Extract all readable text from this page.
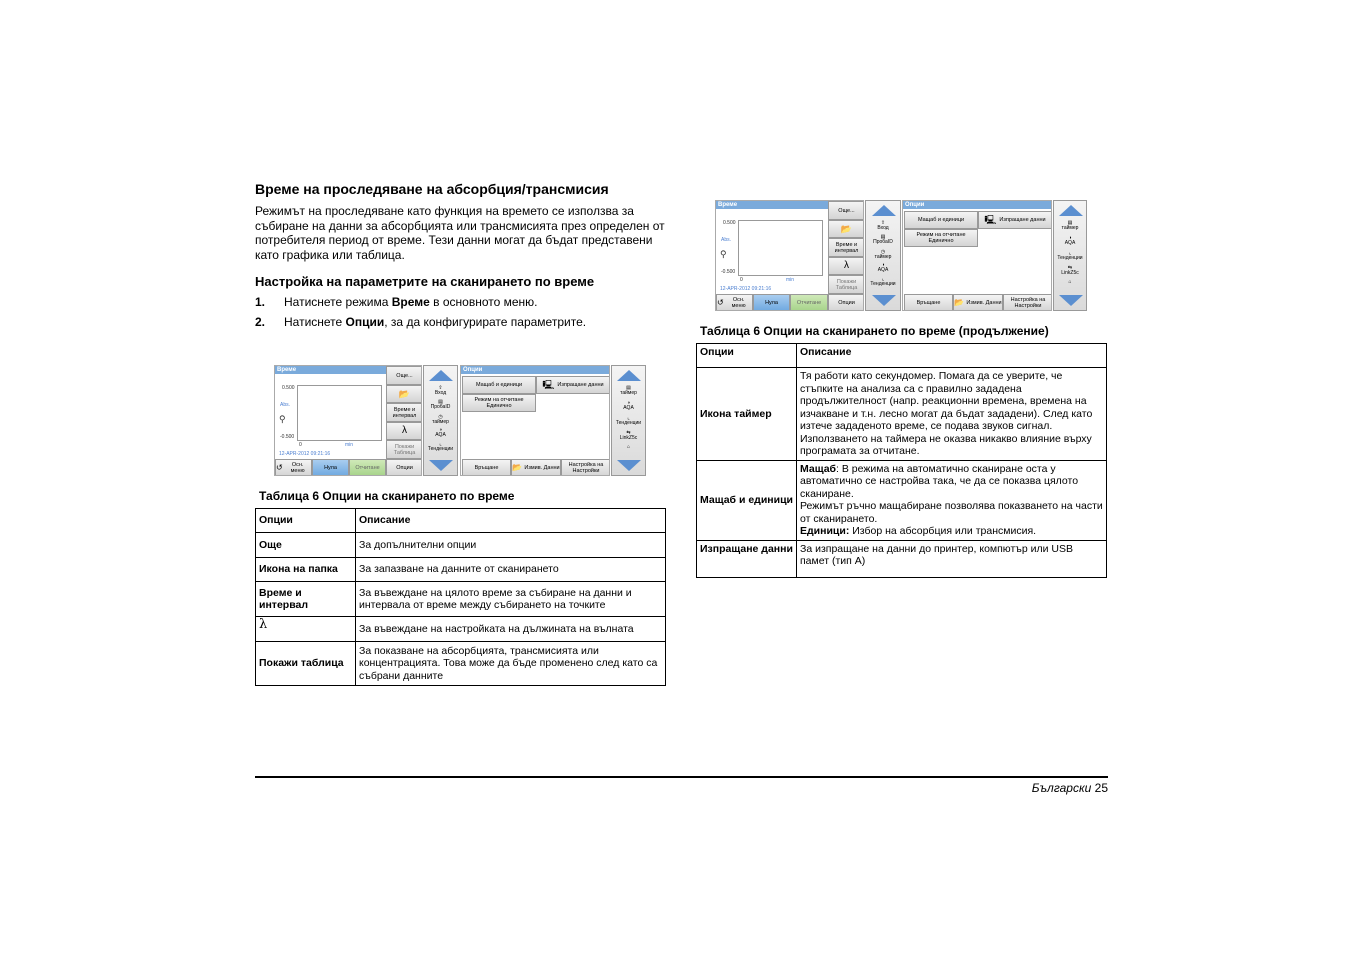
Време на проследяване на абсорбция/трансмисия

Режимът на проследяване като функция на времето се използва за събиране на данни за абсорбцията или трансмисията през определен от потребителя период от време. Тези данни могат да бъдат представени като графика или таблица.

Настройка на параметрите на сканирането по време
1.	Натиснете режима Време в основното меню.
2.	Натиснете Опции, за да конфигурирате параметрите.
Време
0.500
Abs.
⚲
-0.500
0	min
12-APR-2012 09:21:16
Още...
📂
Време и интервал
λ
Покажи Таблица
↺
	Осн. меню	Нула	Отчитане	Опции
Опции
Мащаб и единици	🖳 Изпращане данни
Режим на отчитане Единично
Връщане	📂 Измив. Данни	Настройка на Настройки
⇧
Вход
▤
ПробаID
◷
таймер
◑
AQA
⌞
Тенденции
▤
таймер
◑
AQA
⌞
Тенденции
⇆
LinkZ5c
⌂
Време
0.500
Abs.
⚲
-0.500
0	min
12-APR-2012 09:21:16
Още...
📂
Време и интервал
λ
Покажи Таблица
↺
	Осн. меню	Нула	Отчитане	Опции
⇧
Вход
▤
ПробаID
◷
таймер
◑
AQA
⌞
Тенденции
Опции
Мащаб и единици	🖳 Изпращане данни
Режим на отчитане Единично
Връщане	📂 Измив. Данни	Настройка на Настройки
▤
таймер
◑
AQA
⌞
Тенденции
⇆
LinkZ5c
⌂
Таблица 6 Опции на сканирането по време
Опции	Описание
Още	За допълнителни опции
Икона на папка	За запазване на данните от сканирането
Време и интервал	За въвеждане на цялото време за събиране на данни и интервала от време между събирането на точките
λ	За въвеждане на настройката на дължината на вълната
Покажи таблица	За показване на абсорбцията, трансмисията или концентрацията. Това може да бъде променено след като са събрани данните
Таблица 6 Опции на сканирането по време (продължение)
Опции	Описание
Икона таймер	Тя работи като секундомер. Помага да се уверите, че стъпките на анализа са с правилно зададена продължителност (напр. реакционни времена, времена на изчакване и т.н. лесно могат да бъдат зададени). След като изтече зададеното време, се подава звуков сигнал. Използването на таймера не оказва никакво влияние върху програмата за отчитане.
Мащаб и единици	Мащаб: В режима на автоматично сканиране оста у автоматично се настройва така, че да се показва цялото сканиране.
Режимът ръчно мащабиране позволява показването на части от сканирането.
Единици: Избор на абсорбция или трансмисия.
Изпращане данни	За изпращане на данни до принтер, компютър или USB памет (тип А)
Български 25
